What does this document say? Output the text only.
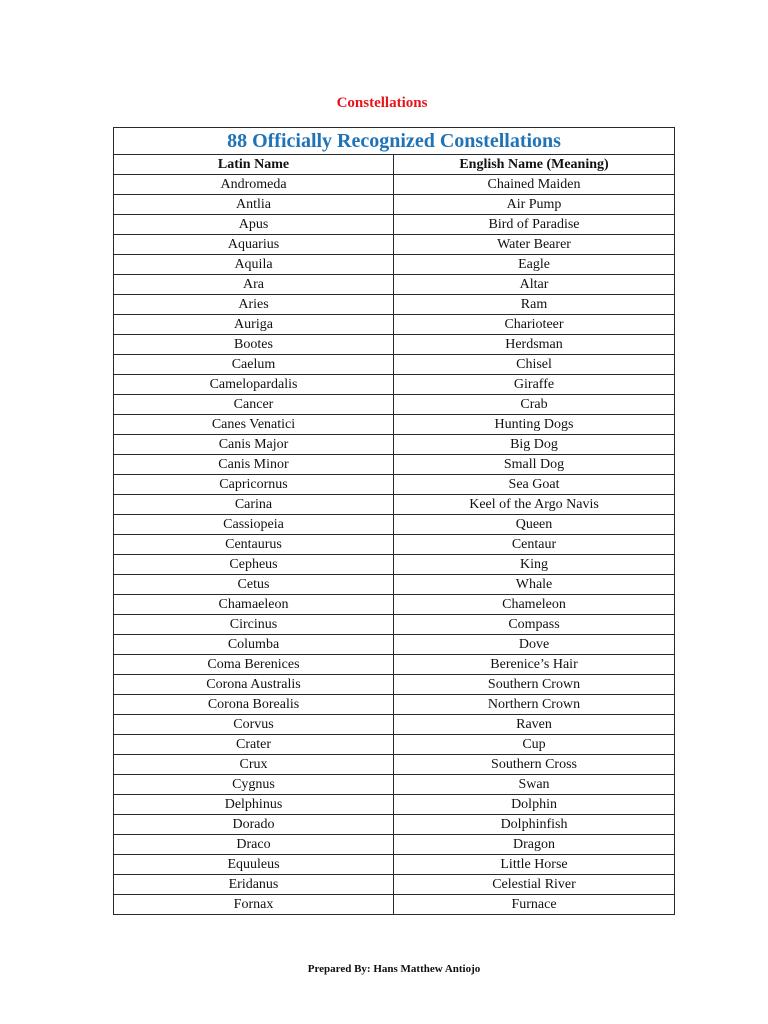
Constellations
88 Officially Recognized Constellations	
Latin Name	English Name (Meaning)
Andromeda	Chained Maiden
Antlia	Air Pump
Apus	Bird of Paradise
Aquarius	Water Bearer
Aquila	Eagle
Ara	Altar
Aries	Ram
Auriga	Charioteer
Bootes	Herdsman
Caelum	Chisel
Camelopardalis	Giraffe
Cancer	Crab
Canes Venatici	Hunting Dogs
Canis Major	Big Dog
Canis Minor	Small Dog
Capricornus	Sea Goat
Carina	Keel of the Argo Navis
Cassiopeia	Queen
Centaurus	Centaur
Cepheus	King
Cetus	Whale
Chamaeleon	Chameleon
Circinus	Compass
Columba	Dove
Coma Berenices	Berenice’s Hair
Corona Australis	Southern Crown
Corona Borealis	Northern Crown
Corvus	Raven
Crater	Cup
Crux	Southern Cross
Cygnus	Swan
Delphinus	Dolphin
Dorado	Dolphinfish
Draco	Dragon
Equuleus	Little Horse
Eridanus	Celestial River
Fornax	Furnace
Prepared By: Hans Matthew Antiojo
